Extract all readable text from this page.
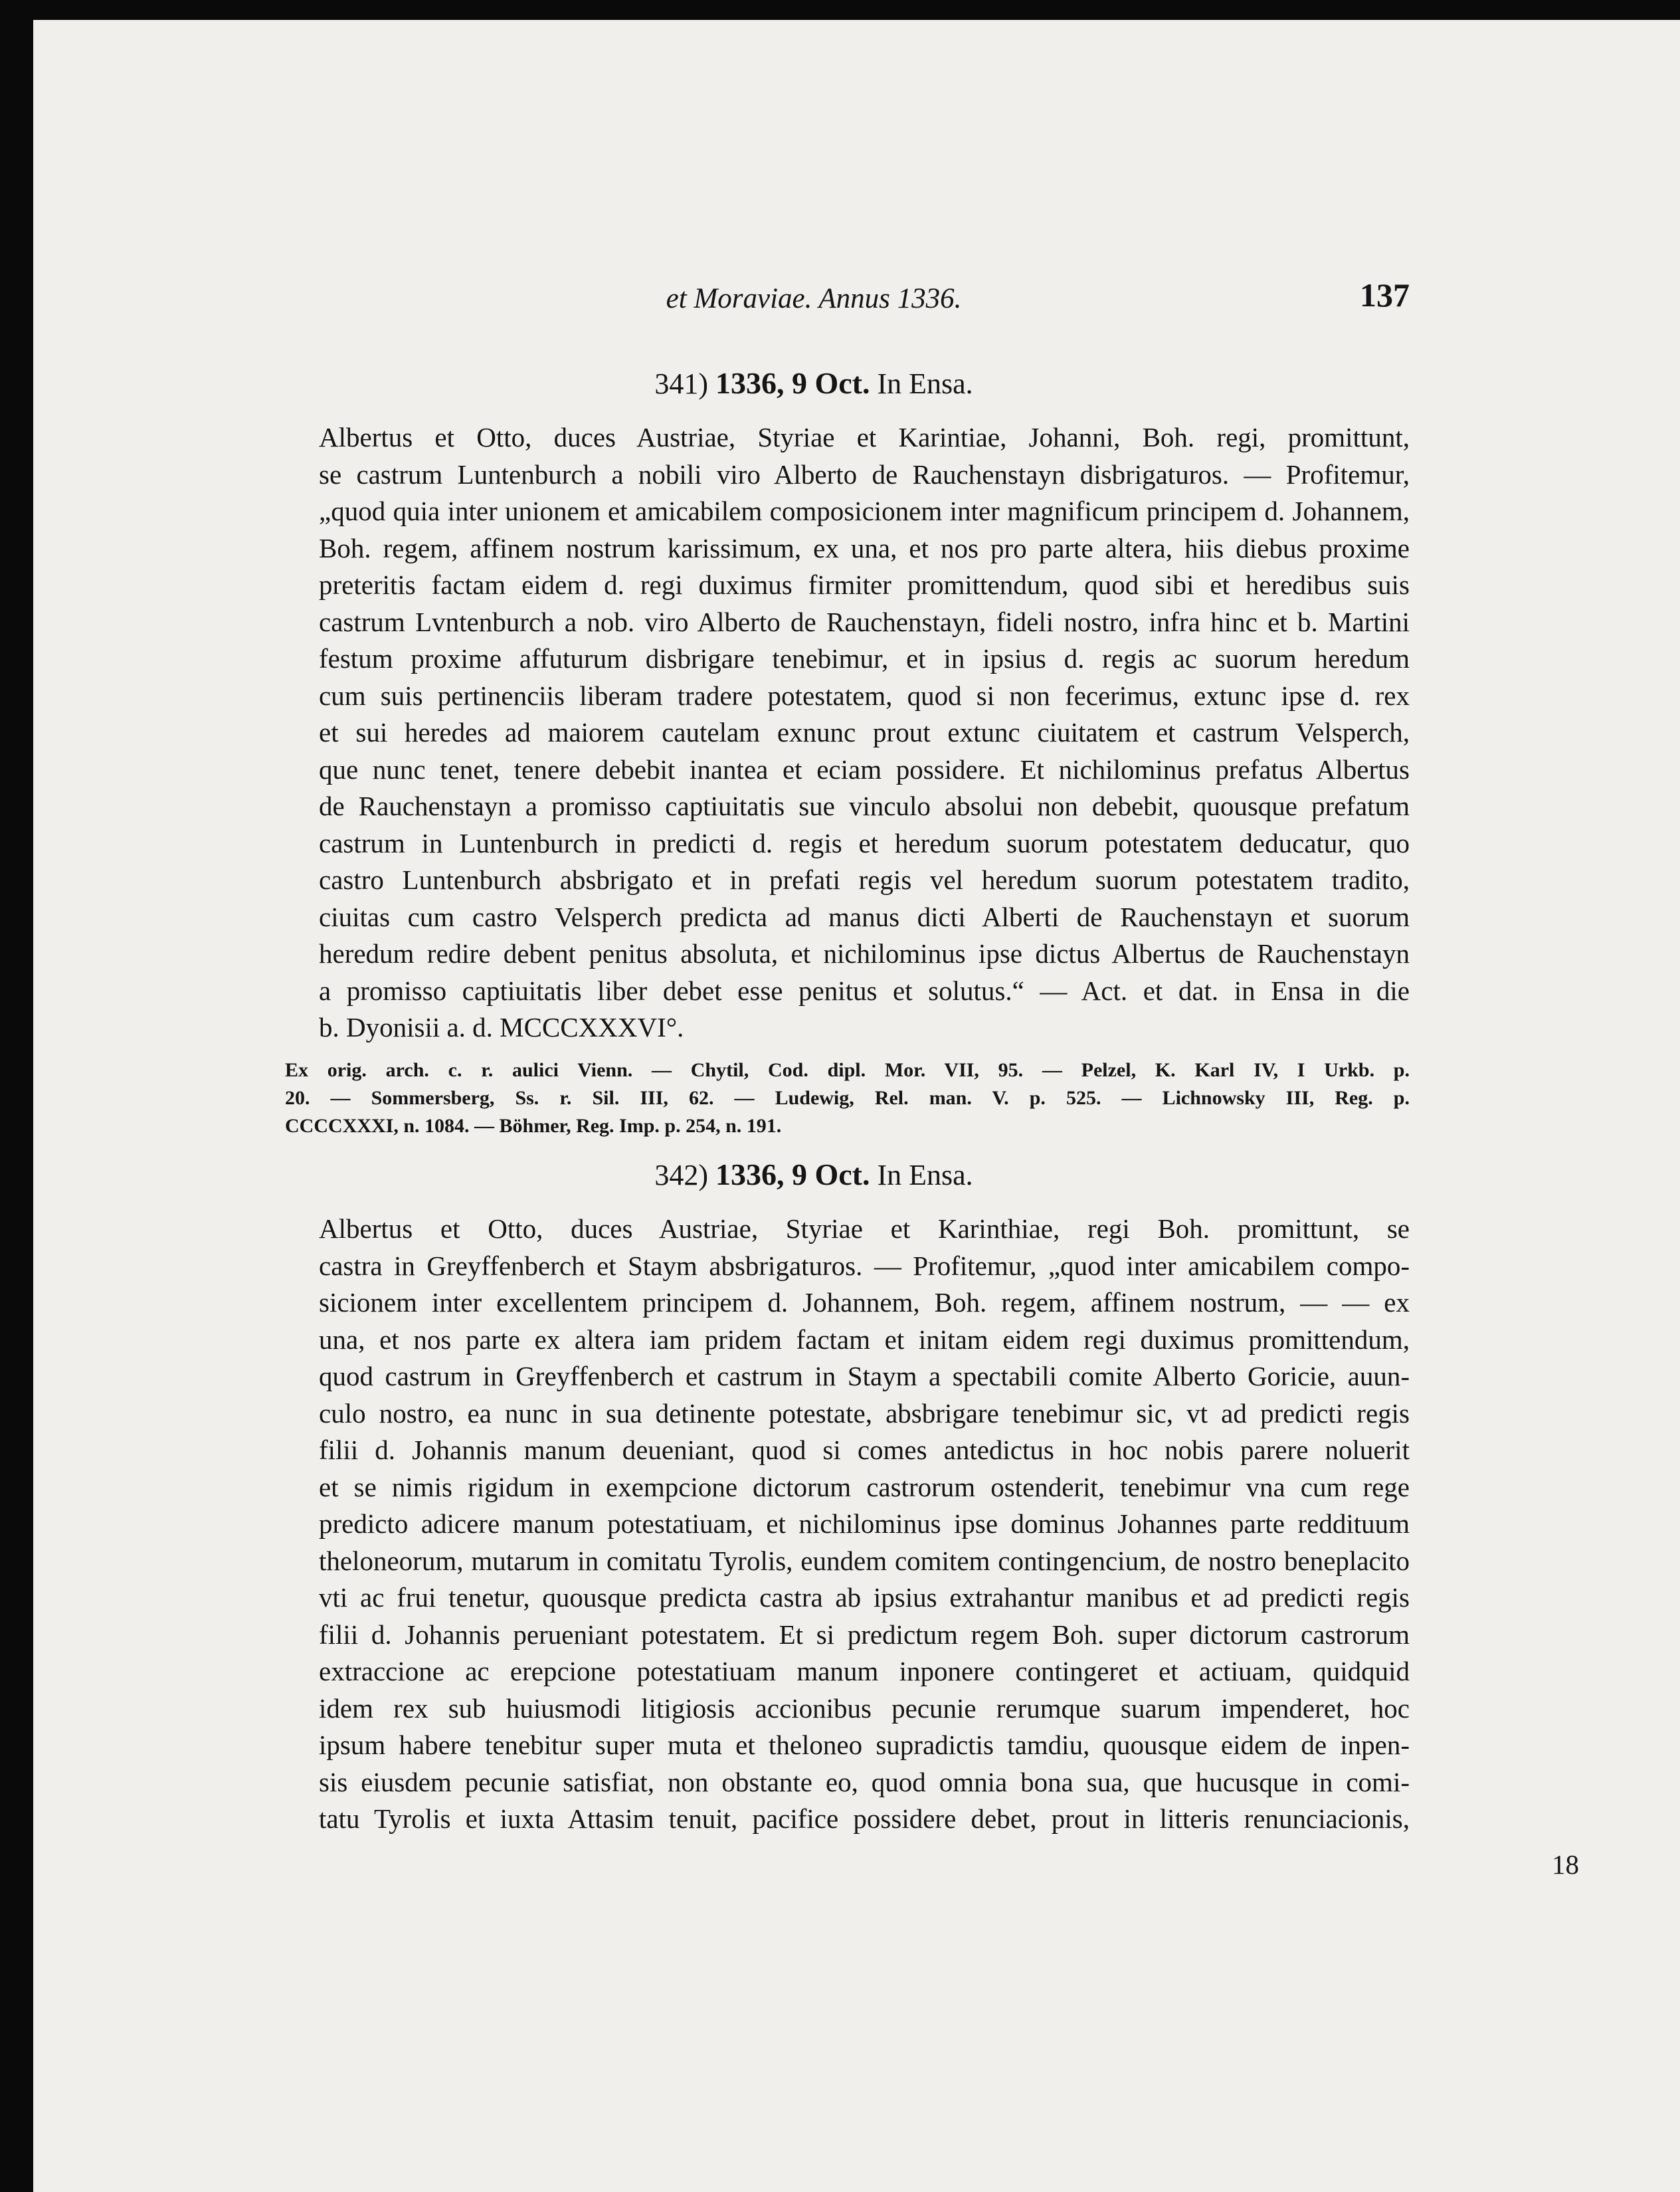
et Moraviae. Annus 1336.	137
341) 1336, 9 Oct. In Ensa.
Albertus et Otto, duces Austriae, Styriae et Karintiae, Johanni, Boh. regi, promittunt,
se castrum Luntenburch a nobili viro Alberto de Rauchenstayn disbrigaturos. — Profitemur,
„quod quia inter unionem et amicabilem composicionem inter magnificum principem d. Johannem,
Boh. regem, affinem nostrum karissimum, ex una, et nos pro parte altera, hiis diebus proxime
preteritis factam eidem d. regi duximus firmiter promittendum, quod sibi et heredibus suis
castrum Lvntenburch a nob. viro Alberto de Rauchenstayn, fideli nostro, infra hinc et b. Martini
festum proxime affuturum disbrigare tenebimur, et in ipsius d. regis ac suorum heredum
cum suis pertinenciis liberam tradere potestatem, quod si non fecerimus, extunc ipse d. rex
et sui heredes ad maiorem cautelam exnunc prout extunc ciuitatem et castrum Velsperch,
que nunc tenet, tenere debebit inantea et eciam possidere. Et nichilominus prefatus Albertus
de Rauchenstayn a promisso captiuitatis sue vinculo absolui non debebit, quousque prefatum
castrum in Luntenburch in predicti d. regis et heredum suorum potestatem deducatur, quo
castro Luntenburch absbrigato et in prefati regis vel heredum suorum potestatem tradito,
ciuitas cum castro Velsperch predicta ad manus dicti Alberti de Rauchenstayn et suorum
heredum redire debent penitus absoluta, et nichilominus ipse dictus Albertus de Rauchenstayn
a promisso captiuitatis liber debet esse penitus et solutus.“ — Act. et dat. in Ensa in die
b. Dyonisii a. d. MCCCXXXVI°.
Ex orig. arch. c. r. aulici Vienn. — Chytil, Cod. dipl. Mor. VII, 95. — Pelzel, K. Karl IV, I Urkb. p.
20. — Sommersberg, Ss. r. Sil. III, 62. — Ludewig, Rel. man. V. p. 525. — Lichnowsky III, Reg. p.
CCCCXXXI, n. 1084. — Böhmer, Reg. Imp. p. 254, n. 191.
342) 1336, 9 Oct. In Ensa.
Albertus et Otto, duces Austriae, Styriae et Karinthiae, regi Boh. promittunt, se
castra in Greyffenberch et Staym absbrigaturos. — Profitemur, „quod inter amicabilem compo-
sicionem inter excellentem principem d. Johannem, Boh. regem, affinem nostrum, — — ex
una, et nos parte ex altera iam pridem factam et initam eidem regi duximus promittendum,
quod castrum in Greyffenberch et castrum in Staym a spectabili comite Alberto Goricie, auun-
culo nostro, ea nunc in sua detinente potestate, absbrigare tenebimur sic, vt ad predicti regis
filii d. Johannis manum deueniant, quod si comes antedictus in hoc nobis parere noluerit
et se nimis rigidum in exempcione dictorum castrorum ostenderit, tenebimur vna cum rege
predicto adicere manum potestatiuam, et nichilominus ipse dominus Johannes parte reddituum
theloneorum, mutarum in comitatu Tyrolis, eundem comitem contingencium, de nostro beneplacito
vti ac frui tenetur, quousque predicta castra ab ipsius extrahantur manibus et ad predicti regis
filii d. Johannis perueniant potestatem. Et si predictum regem Boh. super dictorum castrorum
extraccione ac erepcione potestatiuam manum inponere contingeret et actiuam, quidquid
idem rex sub huiusmodi litigiosis accionibus pecunie rerumque suarum impenderet, hoc
ipsum habere tenebitur super muta et theloneo supradictis tamdiu, quousque eidem de inpen-
sis eiusdem pecunie satisfiat, non obstante eo, quod omnia bona sua, que hucusque in comi-
tatu Tyrolis et iuxta Attasim tenuit, pacifice possidere debet, prout in litteris renunciacionis,
18
